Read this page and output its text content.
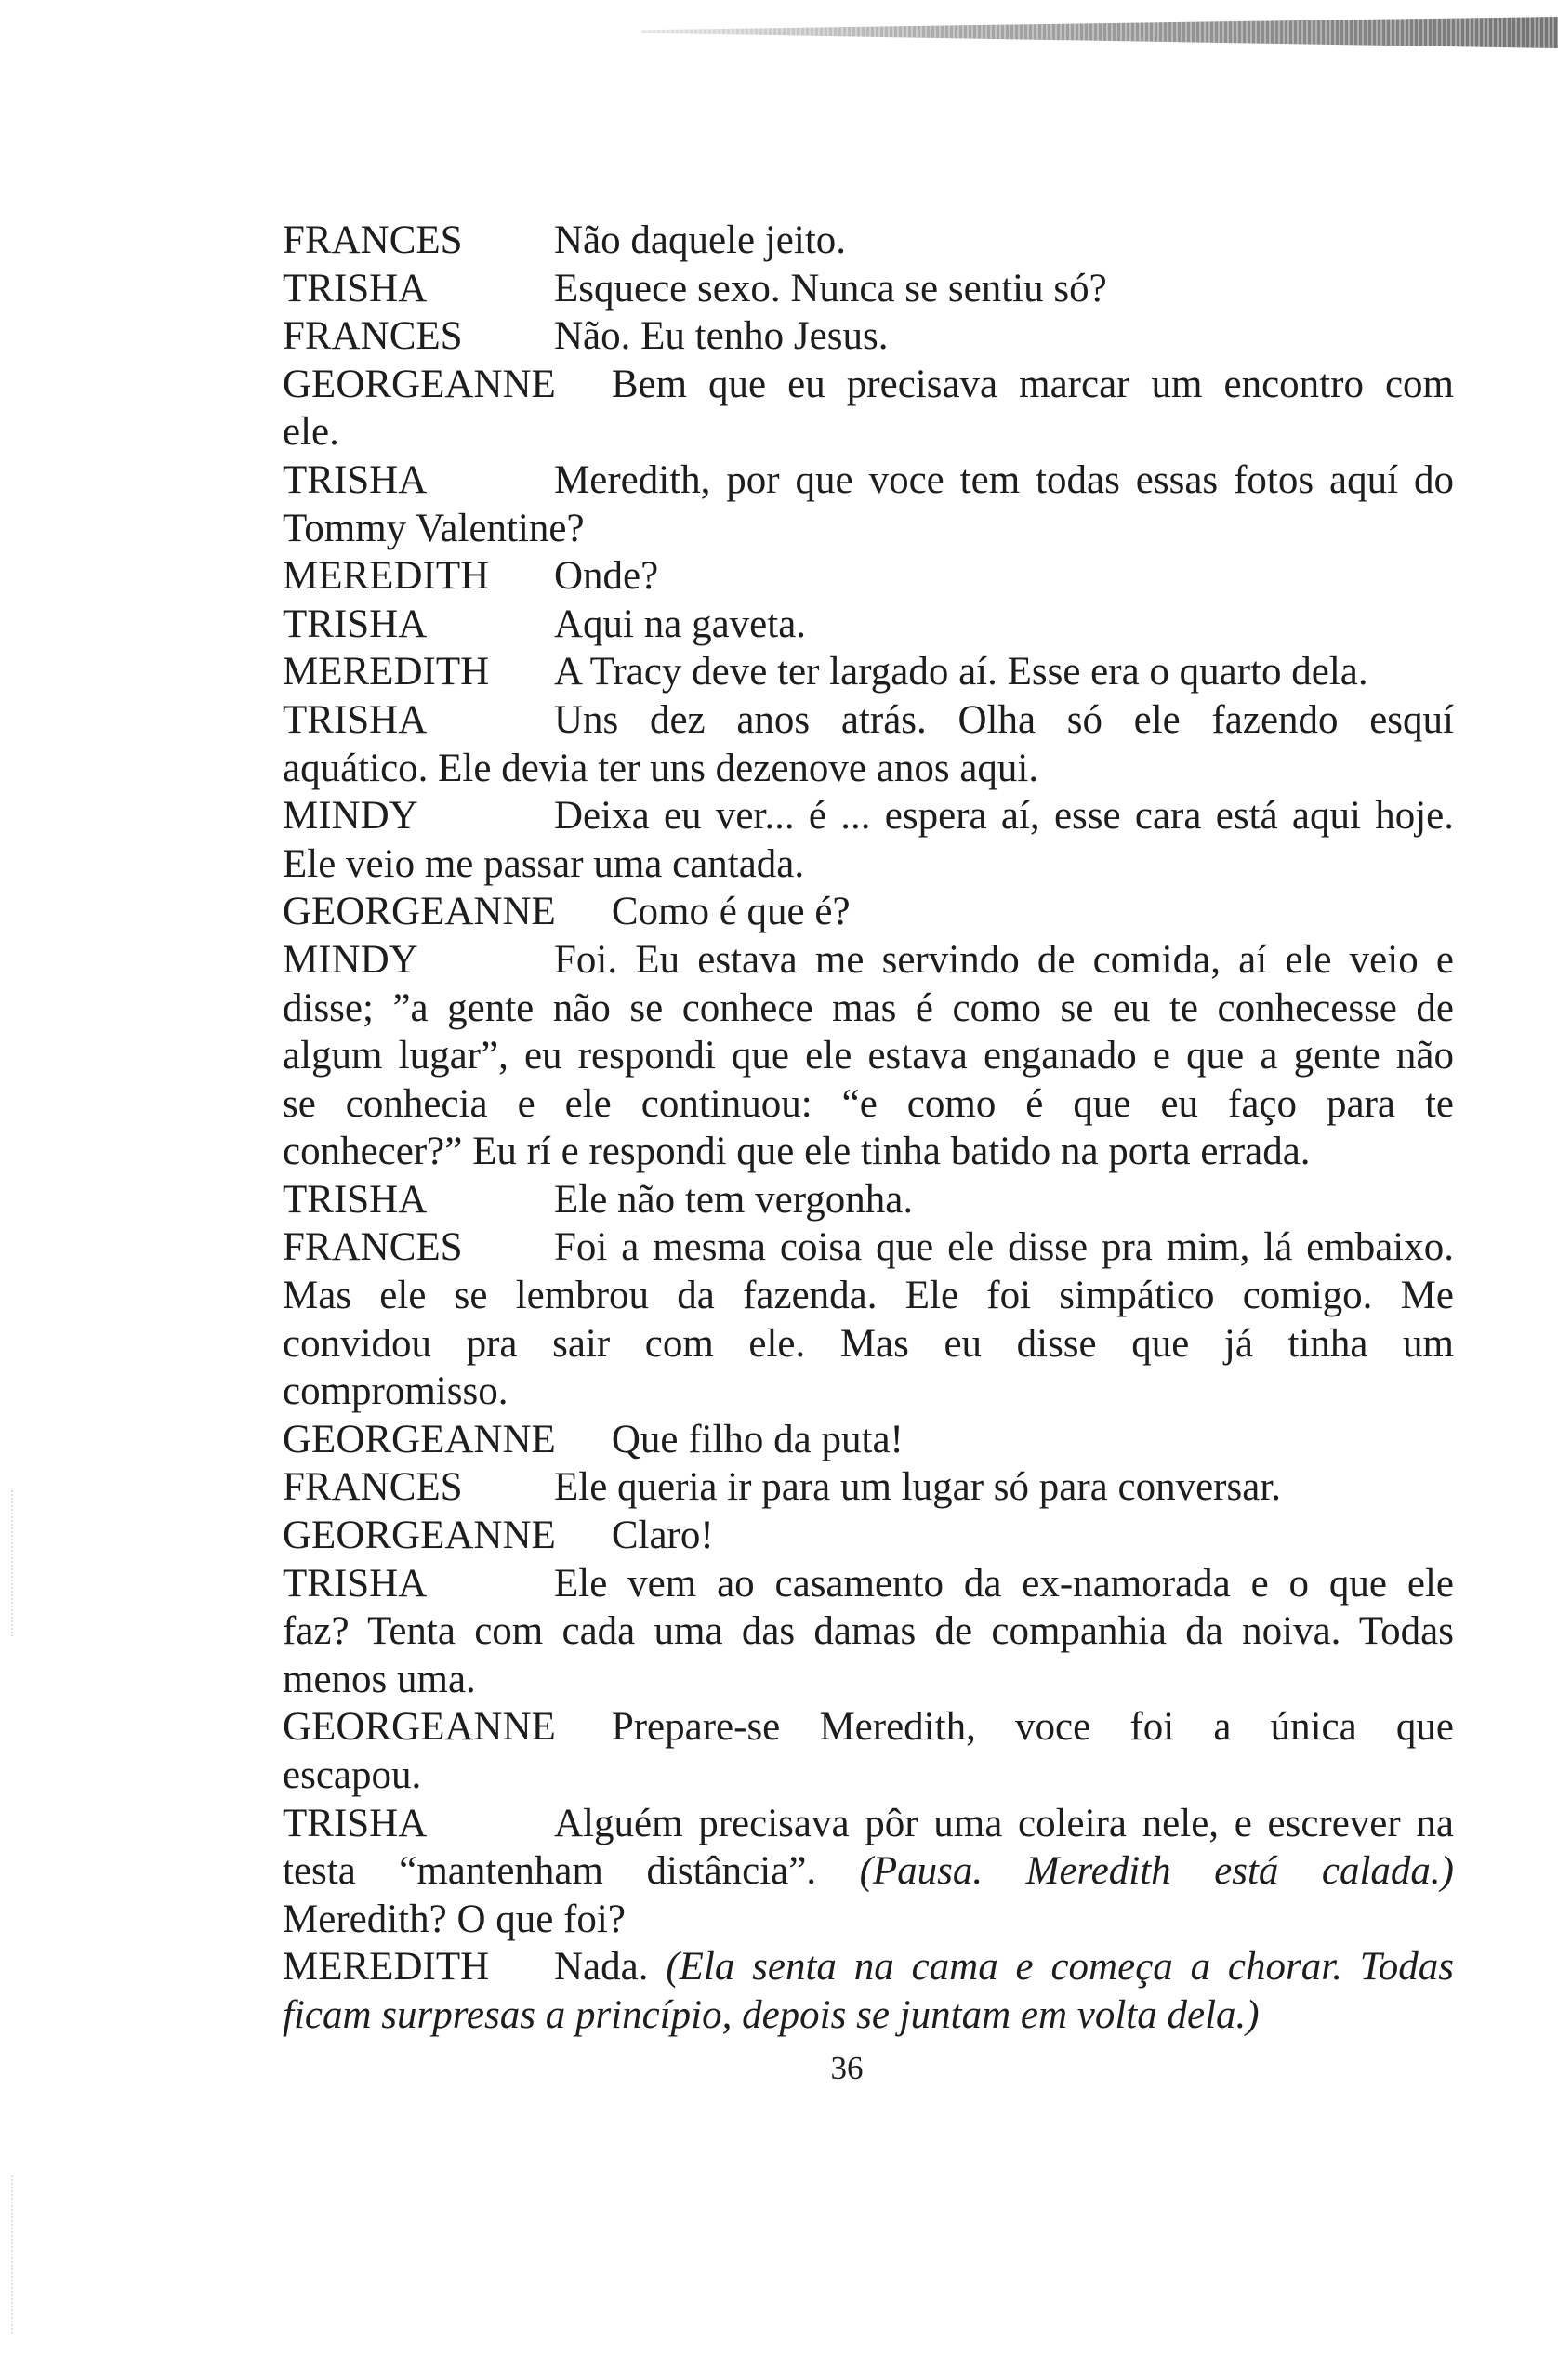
FRANCES Não daquele jeito.
TRISHA	Esquece sexo. Nunca se sentiu só?
FRANCES Não. Eu tenho Jesus.
GEORGEANNE Bem que eu precisava marcar um encontro com
ele.
TRISHA	Meredith, por que voce tem todas essas fotos aquí do
Tommy Valentine?
MEREDITH Onde?
TRISHA	Aqui na gaveta.
MEREDITH A Tracy deve ter largado aí. Esse era o quarto dela.
TRISHA	Uns dez anos atrás. Olha só ele fazendo esquí
aquático. Ele devia ter uns dezenove anos aqui.
MINDY	Deixa eu ver... é ... espera aí, esse cara está aqui hoje.
Ele veio me passar uma cantada.
GEORGEANNE Como é que é?
MINDY	Foi. Eu estava me servindo de comida, aí ele veio e
disse; ”a gente não se conhece mas é como se eu te conhecesse de
algum lugar”, eu respondi que ele estava enganado e que a gente não
se conhecia e ele continuou: “e como é que eu faço para te
conhecer?” Eu rí e respondi que ele tinha batido na porta errada.
TRISHA	Ele não tem vergonha.
FRANCES Foi a mesma coisa que ele disse pra mim, lá embaixo.
Mas ele se lembrou da fazenda. Ele foi simpático comigo. Me
convidou pra sair com ele. Mas eu disse que já tinha um
compromisso.
GEORGEANNE Que filho da puta!
FRANCES Ele queria ir para um lugar só para conversar.
GEORGEANNE Claro!
TRISHA	Ele vem ao casamento da ex-namorada e o que ele
faz? Tenta com cada uma das damas de companhia da noiva. Todas
menos uma.
GEORGEANNE Prepare-se Meredith, voce foi a única que
escapou.
TRISHA	Alguém precisava pôr uma coleira nele, e escrever na
testa “mantenham distância”. (Pausa. Meredith está calada.)
Meredith? O que foi?
MEREDITH Nada. (Ela senta na cama e começa a chorar. Todas
ficam surpresas a princípio, depois se juntam em volta dela.)
36
